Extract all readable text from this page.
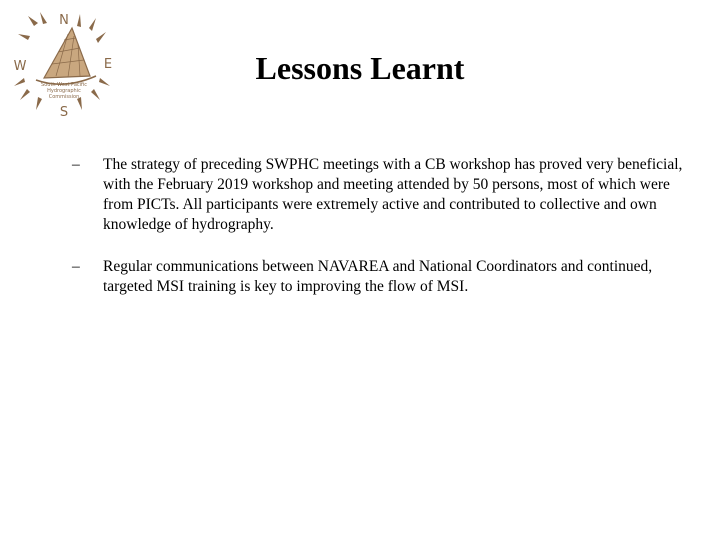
N
E
S
W
South West Pacific
Hydrographic
Commission
Lessons Learnt
– The strategy of preceding SWPHC meetings with a CB workshop has proved very beneficial, with the February 2019 workshop and meeting attended by 50 persons, most of which were from PICTs. All participants were extremely active and contributed to collective and own knowledge of hydrography.
– Regular communications between NAVAREA and National Coordinators and continued, targeted MSI training is key to improving the flow of MSI.
